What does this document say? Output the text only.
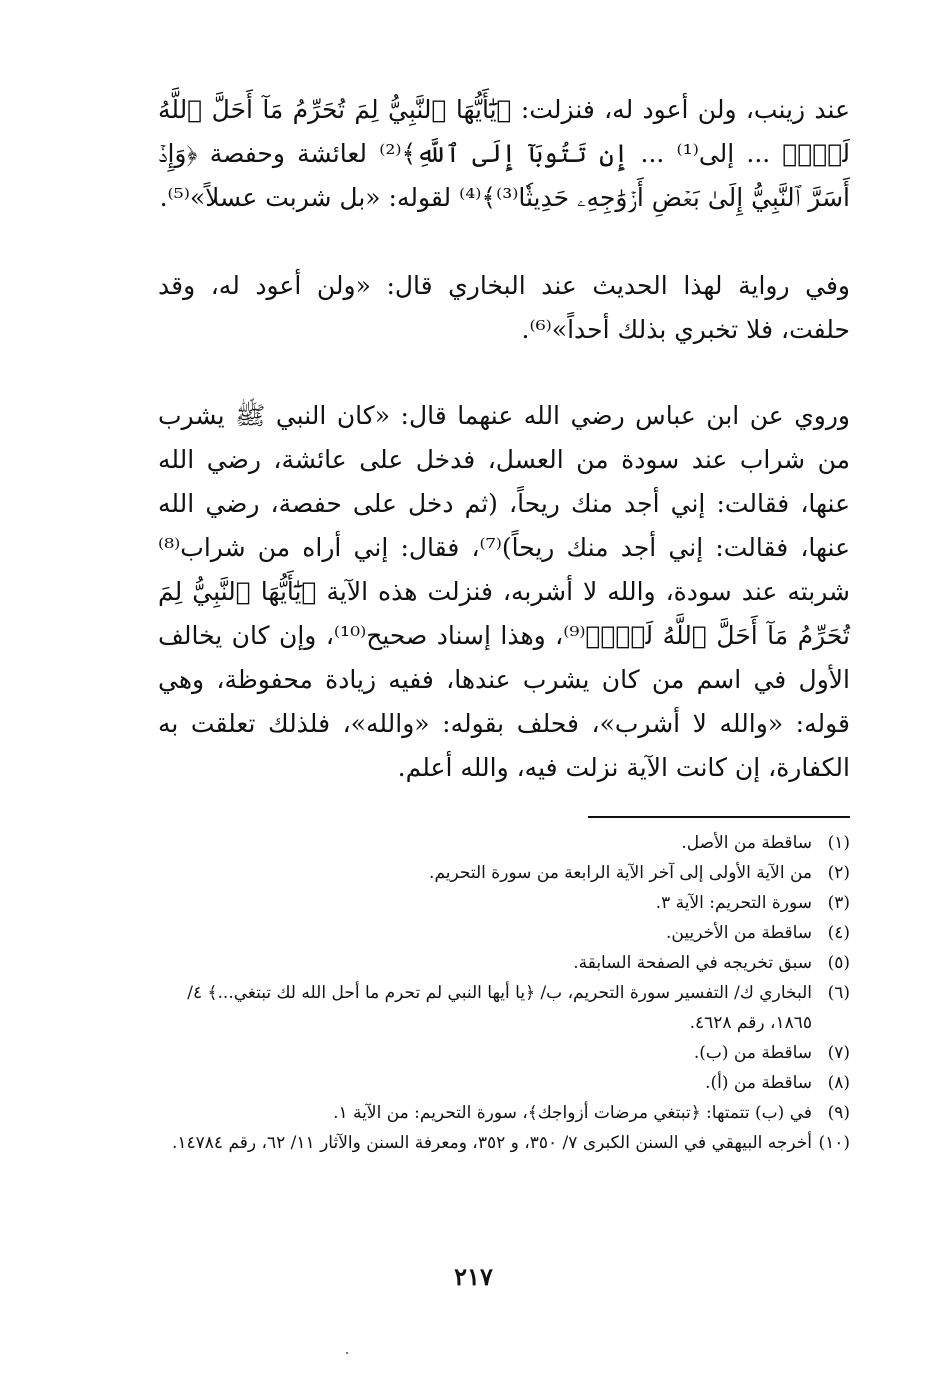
عند زينب، ولن أعود له، فنزلت: ﴿يَٰٓأَيُّهَا ٱلنَّبِيُّ لِمَ تُحَرِّمُ مَآ أَحَلَّ ٱللَّهُ لَكَۖ﴾ ... إلى⁽¹⁾ ... إِن تَتُوبَآ إِلَى ٱللَّهِ﴾⁽²⁾ لعائشة وحفصة ﴿وَإِذۡ أَسَرَّ ٱلنَّبِيُّ إِلَىٰ بَعۡضِ أَزۡوَٰجِهِۦ حَدِيثٗا⁽³⁾﴾⁽⁴⁾ لقوله: «بل شربت عسلاً»⁽⁵⁾.

وفي رواية لهذا الحديث عند البخاري قال: «ولن أعود له، وقد حلفت، فلا تخبري بذلك أحداً»⁽⁶⁾.

وروي عن ابن عباس رضي الله عنهما قال: «كان النبي ﷺ يشرب من شراب عند سودة من العسل، فدخل على عائشة، رضي الله عنها، فقالت: إني أجد منك ريحاً، (ثم دخل على حفصة، رضي الله عنها، فقالت: إني أجد منك ريحاً)⁽⁷⁾، فقال: إني أراه من شراب⁽⁸⁾ شربته عند سودة، والله لا أشربه، فنزلت هذه الآية ﴿يَٰٓأَيُّهَا ٱلنَّبِيُّ لِمَ تُحَرِّمُ مَآ أَحَلَّ ٱللَّهُ لَكَۖ﴾⁽⁹⁾، وهذا إسناد صحيح⁽¹⁰⁾، وإن كان يخالف الأول في اسم من كان يشرب عندها، ففيه زيادة محفوظة، وهي قوله: «والله لا أشرب»، فحلف بقوله: «والله»، فلذلك تعلقت به الكفارة، إن كانت الآية نزلت فيه، والله أعلم.

(١)
ساقطة من الأصل.
(٢)
من الآية الأولى إلى آخر الآية الرابعة من سورة التحريم.
(٣)
سورة التحريم: الآية ٣.
(٤)
ساقطة من الأخريين.
(٥)
سبق تخريجه في الصفحة السابقة.
(٦)
البخاري ك/ التفسير سورة التحريم، ب/ ﴿يا أيها النبي لم تحرم ما أحل الله لك تبتغي...﴾ ٤/ ١٨٦٥، رقم ٤٦٢٨.
(٧)
ساقطة من (ب).
(٨)
ساقطة من (أ).
(٩)
في (ب) تتمتها: ﴿تبتغي مرضات أزواجك﴾، سورة التحريم: من الآية ١.
(١٠)
أخرجه البيهقي في السنن الكبرى ٧/ ٣٥٠، و ٣٥٢، ومعرفة السنن والآثار ١١/ ٦٢، رقم ١٤٧٨٤.
٢١٧
